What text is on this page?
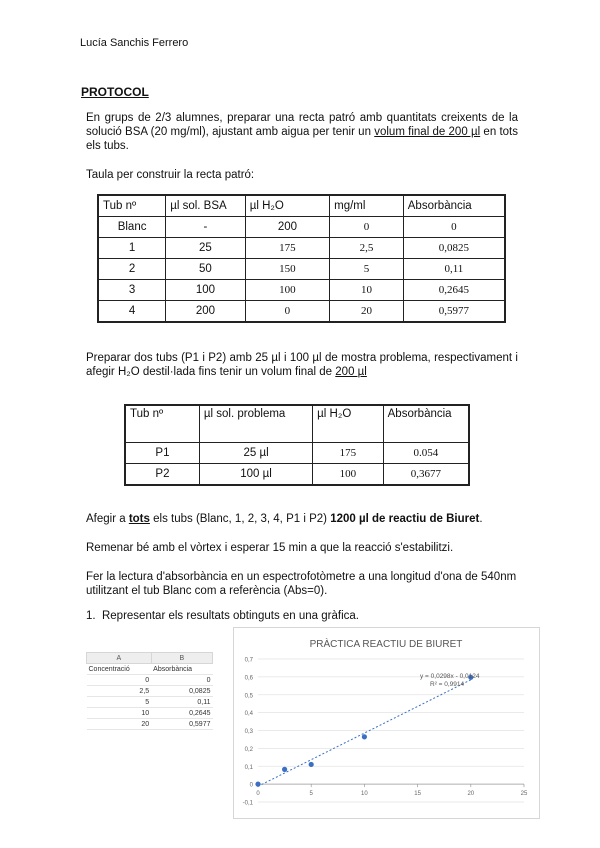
Lucía Sanchis Ferrero
PROTOCOL
En grups de 2/3 alumnes, preparar una recta patró amb quantitats creixents de la solució BSA (20 mg/ml), ajustant amb aigua per tenir un volum final de 200 µl en tots els tubs.
Taula per construir la recta patró:
Tub nº	µl sol. BSA	µl H₂O	mg/ml	Absorbància
Blanc	-	200	0	0
1	25	175	2,5	0,0825
2	50	150	5	0,11
3	100	100	10	0,2645
4	200	0	20	0,5977
Preparar dos tubs (P1 i P2) amb 25 µl i 100 µl de mostra problema, respectivament i afegir H₂O destil·lada fins tenir un volum final de 200 µl
Tub nº	µl sol. problema	µl H₂O	Absorbància
P1	25 µl	175	0.054
P2	100 µl	100	0,3677
Afegir a tots els tubs (Blanc, 1, 2, 3, 4, P1 i P2) 1200 µl de reactiu de Biuret.
Remenar bé amb el vòrtex i esperar 15 min a que la reacció s'estabilitzi.
Fer la lectura d'absorbància en un espectrofotòmetre a una longitud d'ona de 540nm utilitzant el tub Blanc com a referència (Abs=0).
1. Representar els resultats obtinguts en una gràfica.
A	B
Concentració	Absorbància
0	0
2,5	0,0825
5	0,11
10	0,2645
20	0,5977
PRÀCTICA REACTIU DE BIURET
-0,1
0
0,1
0,2
0,3
0,4
0,5
0,6
0,7
0	5	10	15	20	25
y = 0,0298x - 0,0124
R² = 0,9914
